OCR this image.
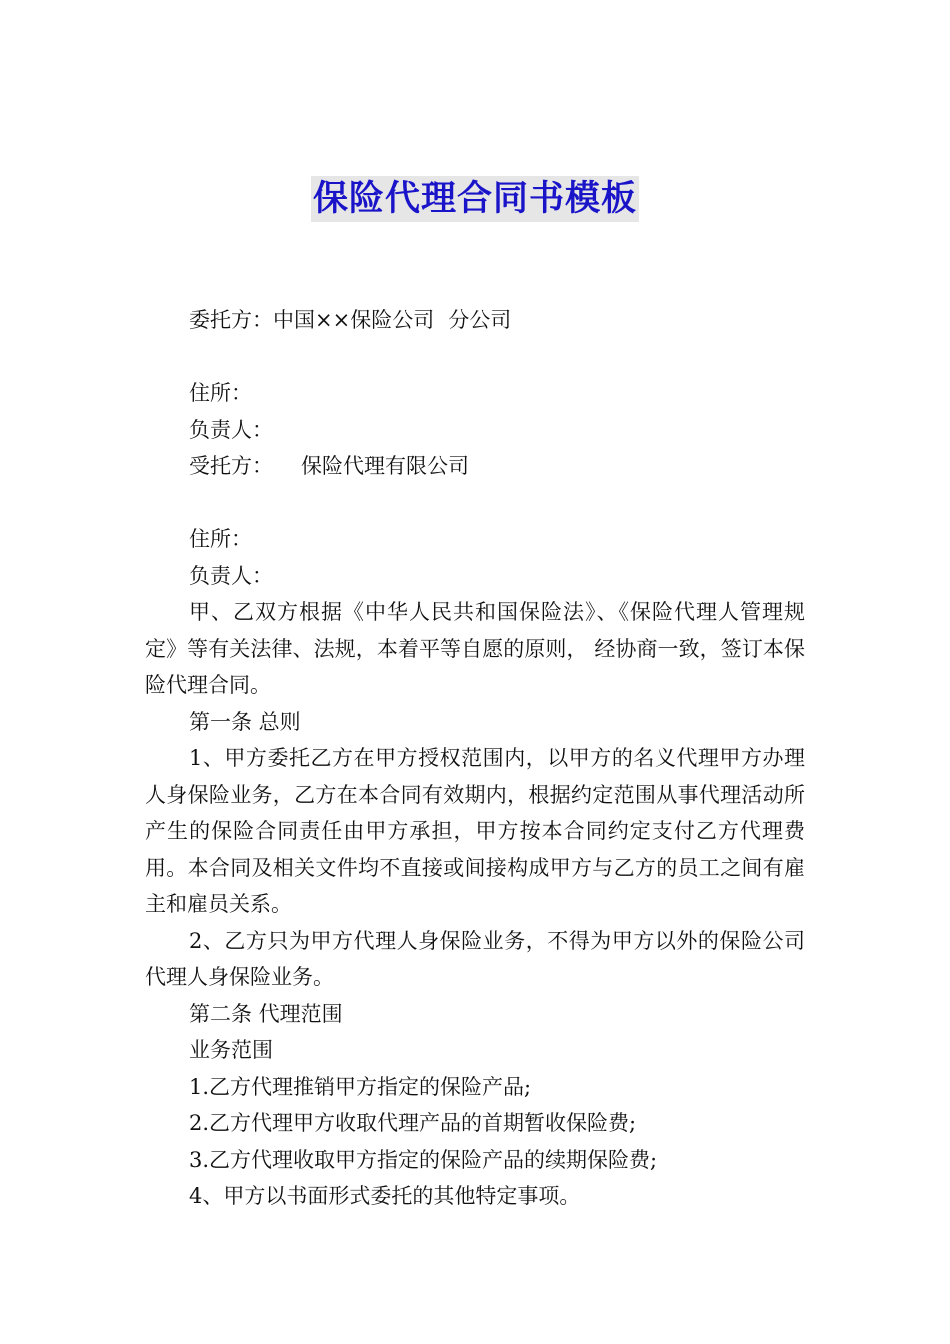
保险代理合同书模板

委托方：中国××保险公司 分公司

住所：

负责人：

受托方： 保险代理有限公司

住所：

负责人：

甲、乙双方根据《中华人民共和国保险法》、《保险代理人管理规定》等有关法律、法规，本着平等自愿的原则， 经协商一致，签订本保险代理合同。

第一条 总则

1、甲方委托乙方在甲方授权范围内，以甲方的名义代理甲方办理人身保险业务，乙方在本合同有效期内，根据约定范围从事代理活动所产生的保险合同责任由甲方承担，甲方按本合同约定支付乙方代理费用。本合同及相关文件均不直接或间接构成甲方与乙方的员工之间有雇主和雇员关系。

2、乙方只为甲方代理人身保险业务，不得为甲方以外的保险公司代理人身保险业务。

第二条 代理范围

业务范围

1.乙方代理推销甲方指定的保险产品;

2.乙方代理甲方收取代理产品的首期暂收保险费;

3.乙方代理收取甲方指定的保险产品的续期保险费;

4、甲方以书面形式委托的其他特定事项。
